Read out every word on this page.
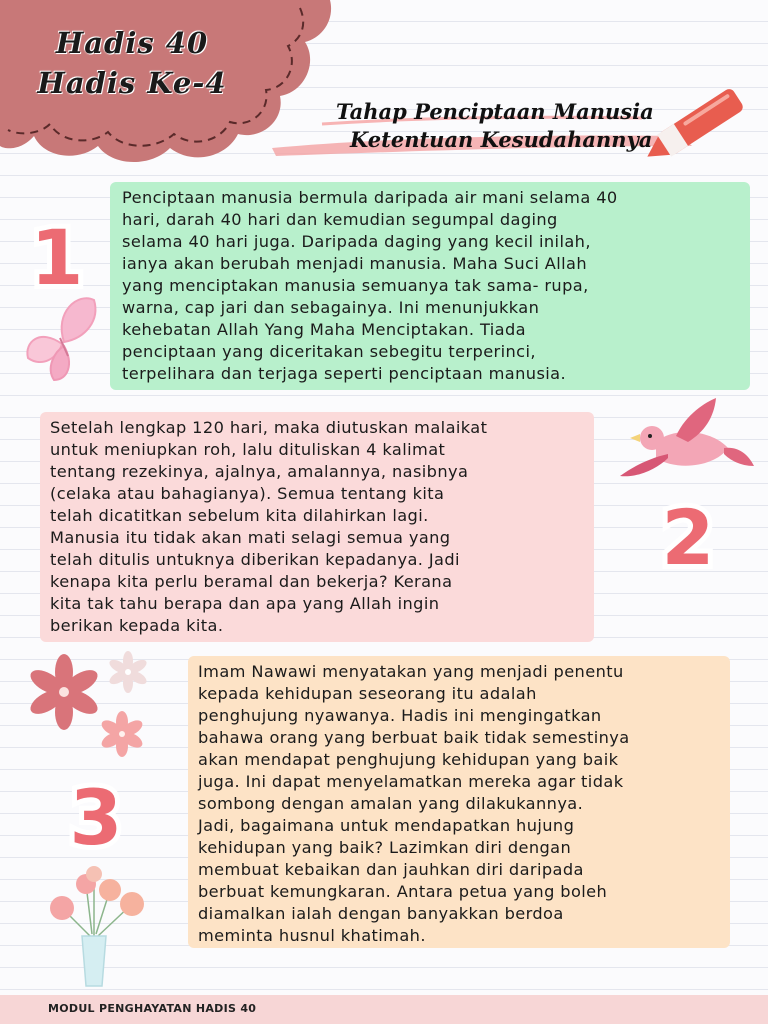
Hadis 40
Hadis Ke-4
Tahap Penciptaan Manusia
Ketentuan Kesudahannya
Penciptaan manusia bermula daripada air mani selama 40
hari, darah 40 hari dan kemudian segumpal daging
selama 40 hari juga. Daripada daging yang kecil inilah,
ianya akan berubah menjadi manusia. Maha Suci Allah
yang menciptakan manusia semuanya tak sama- rupa,
warna, cap jari dan sebagainya. Ini menunjukkan
kehebatan Allah Yang Maha Menciptakan. Tiada
penciptaan yang diceritakan sebegitu terperinci,
terpelihara dan terjaga seperti penciptaan manusia.
1
Setelah lengkap 120 hari, maka diutuskan malaikat
untuk meniupkan roh, lalu dituliskan 4 kalimat
tentang rezekinya, ajalnya, amalannya, nasibnya
(celaka atau bahagianya). Semua tentang kita
telah dicatitkan sebelum kita dilahirkan lagi.
Manusia itu tidak akan mati selagi semua yang
telah ditulis untuknya diberikan kepadanya. Jadi
kenapa kita perlu beramal dan bekerja? Kerana
kita tak tahu berapa dan apa yang Allah ingin
berikan kepada kita.
2
Imam Nawawi menyatakan yang menjadi penentu
kepada kehidupan seseorang itu adalah
penghujung nyawanya. Hadis ini mengingatkan
bahawa orang yang berbuat baik tidak semestinya
akan mendapat penghujung kehidupan yang baik
juga. Ini dapat menyelamatkan mereka agar tidak
sombong dengan amalan yang dilakukannya.
Jadi, bagaimana untuk mendapatkan hujung
kehidupan yang baik? Lazimkan diri dengan
membuat kebaikan dan jauhkan diri daripada
berbuat kemungkaran. Antara petua yang boleh
diamalkan ialah dengan banyakkan berdoa
meminta husnul khatimah.
3
MODUL PENGHAYATAN HADIS 40
